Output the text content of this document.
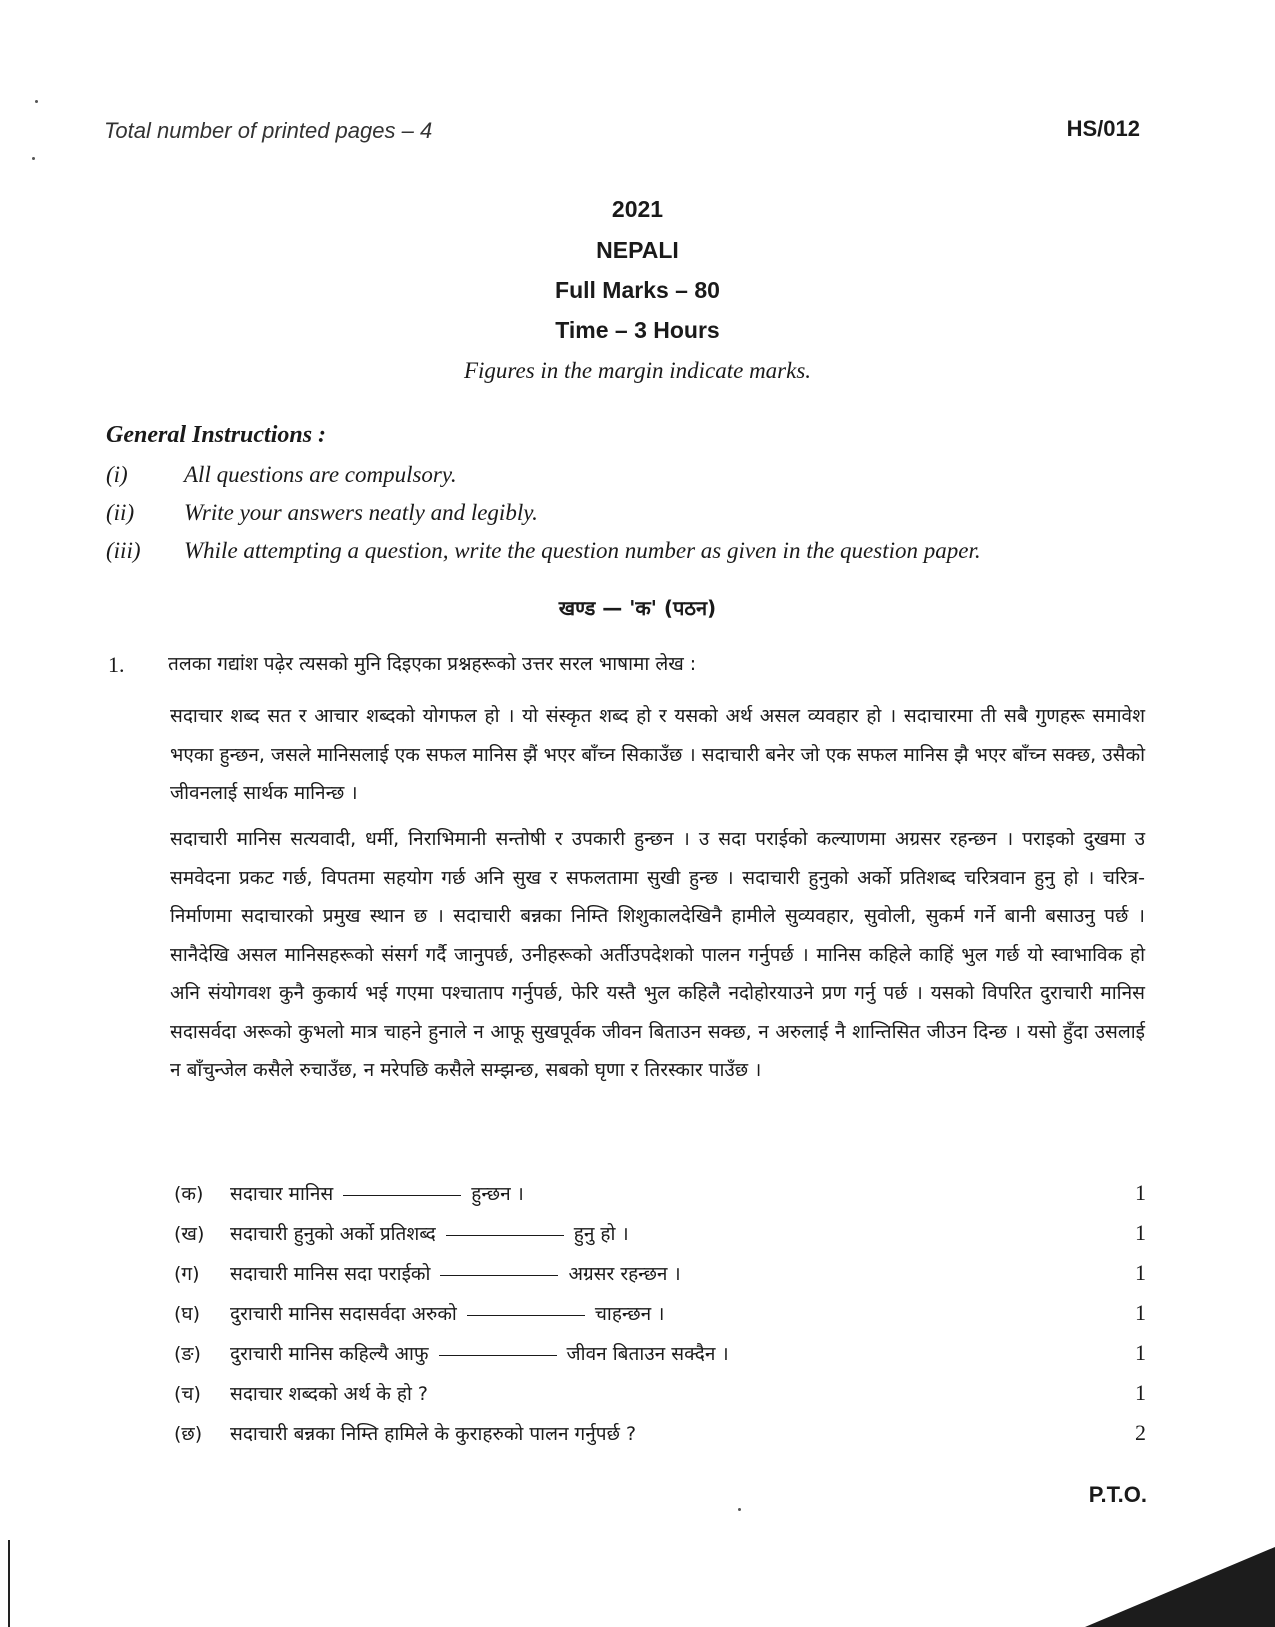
Total number of printed pages – 4	HS/012
2021
NEPALI
Full Marks – 80
Time – 3 Hours
Figures in the margin indicate marks.
General Instructions :
(i)	All questions are compulsory.
(ii)	Write your answers neatly and legibly.
(iii)	While attempting a question, write the question number as given in the question paper.
खण्ड — 'क' (पठन)
1. तलका गद्यांश पढ़ेर त्यसको मुनि दिइएका प्रश्नहरूको उत्तर सरल भाषामा लेख :
सदाचार शब्द सत र आचार शब्दको योगफल हो । यो संस्कृत शब्द हो र यसको अर्थ असल व्यवहार हो । सदाचारमा ती सबै गुणहरू समावेश भएका हुन्छन, जसले मानिसलाई एक सफल मानिस झैं भएर बाँच्न सिकाउँछ । सदाचारी बनेर जो एक सफल मानिस झै भएर बाँच्न सक्छ, उसैको जीवनलाई सार्थक मानिन्छ ।
सदाचारी मानिस सत्यवादी, धर्मी, निराभिमानी सन्तोषी र उपकारी हुन्छन । उ सदा पराईको कल्याणमा अग्रसर रहन्छन । पराइको दुखमा उ समवेदना प्रकट गर्छ, विपतमा सहयोग गर्छ अनि सुख र सफलतामा सुखी हुन्छ । सदाचारी हुनुको अर्को प्रतिशब्द चरित्रवान हुनु हो । चरित्र-निर्माणमा सदाचारको प्रमुख स्थान छ । सदाचारी बन्नका निम्ति शिशुकालदेखिनै हामीले सुव्यवहार, सुवोली, सुकर्म गर्ने बानी बसाउनु पर्छ । सानैदेखि असल मानिसहरूको संसर्ग गर्दै जानुपर्छ, उनीहरूको अर्तीउपदेशको पालन गर्नुपर्छ । मानिस कहिले काहिं भुल गर्छ यो स्वाभाविक हो अनि संयोगवश कुनै कुकार्य भई गएमा पश्चाताप गर्नुपर्छ, फेरि यस्तै भुल कहिलै नदोहोरयाउने प्रण गर्नु पर्छ । यसको विपरित दुराचारी मानिस सदासर्वदा अरूको कुभलो मात्र चाहने हुनाले न आफू सुखपूर्वक जीवन बिताउन सक्छ, न अरुलाई नै शान्तिसित जीउन दिन्छ । यसो हुँदा उसलाई न बाँचुन्जेल कसैले रुचाउँछ, न मरेपछि कसैले सम्झन्छ, सबको घृणा र तिरस्कार पाउँछ ।
(क)	सदाचार मानिस	हुन्छन ।	1
(ख)	सदाचारी हुनुको अर्को प्रतिशब्द	हुनु हो ।	1
(ग)	सदाचारी मानिस सदा पराईको	अग्रसर रहन्छन ।	1
(घ)	दुराचारी मानिस सदासर्वदा अरुको	चाहन्छन ।	1
(ङ)	दुराचारी मानिस कहिल्यै आफु	जीवन बिताउन सक्दैन ।	1
(च)	सदाचार शब्दको अर्थ के हो ?	1
(छ)	सदाचारी बन्नका निम्ति हामिले के कुराहरुको पालन गर्नुपर्छ ?	2
P.T.O.
